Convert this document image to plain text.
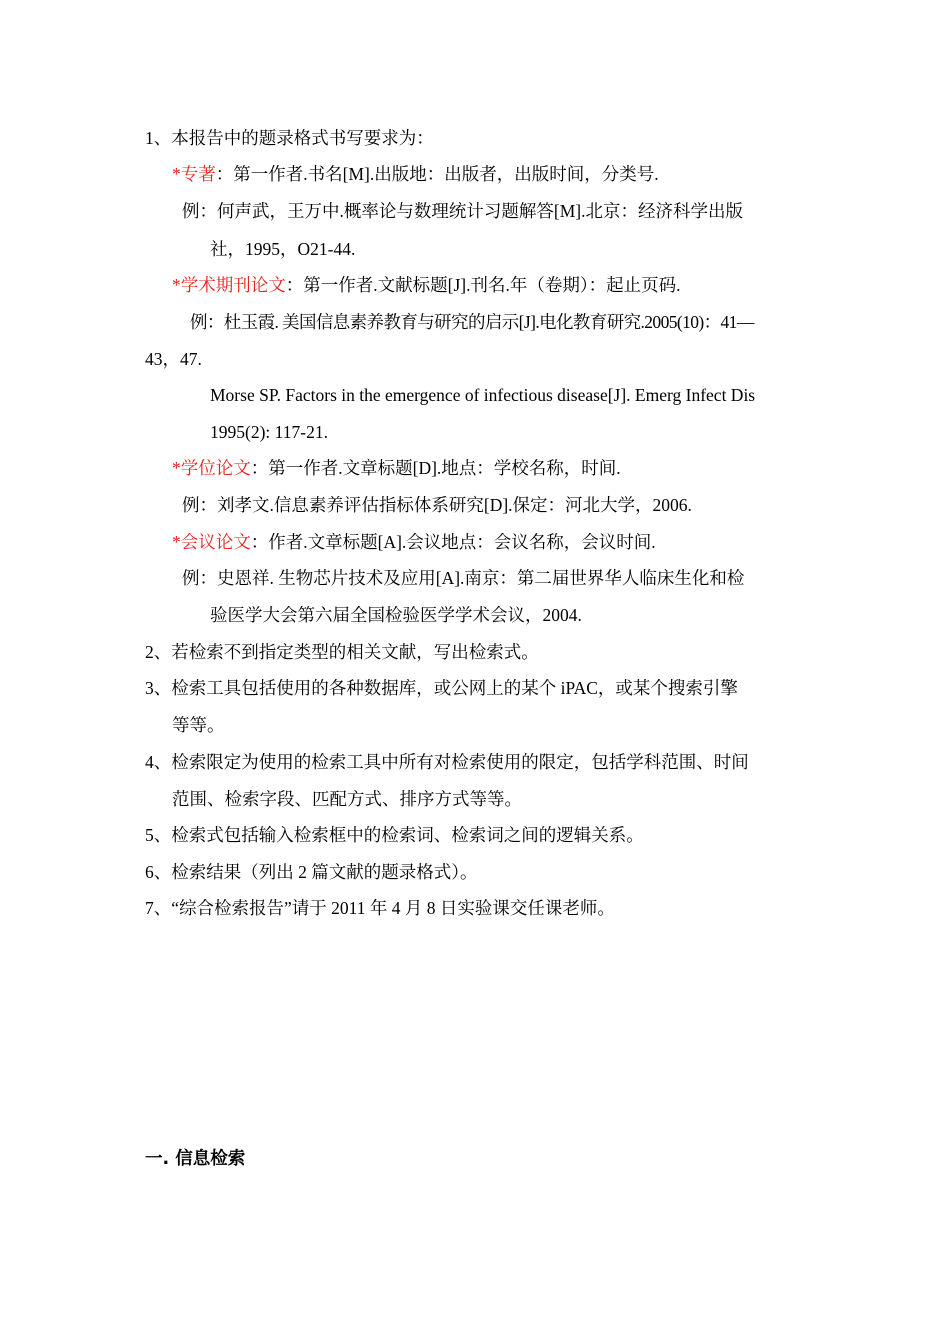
1、本报告中的题录格式书写要求为：
*专著：第一作者.书名[M].出版地：出版者，出版时间，分类号.
例：何声武，王万中.概率论与数理统计习题解答[M].北京：经济科学出版
社，1995，O21-44.
*学术期刊论文：第一作者.文献标题[J].刊名.年（卷期）：起止页码.
例：杜玉霞. 美国信息素养教育与研究的启示[J].电化教育研究.2005(10)：41—
43，47.
Morse SP. Factors in the emergence of infectious disease[J]. Emerg Infect Dis
1995(2): 117-21.
*学位论文：第一作者.文章标题[D].地点：学校名称，时间.
例：刘孝文.信息素养评估指标体系研究[D].保定：河北大学，2006.
*会议论文：作者.文章标题[A].会议地点：会议名称，会议时间.
例：史恩祥. 生物芯片技术及应用[A].南京：第二届世界华人临床生化和检
验医学大会第六届全国检验医学学术会议，2004.
2、若检索不到指定类型的相关文献，写出检索式。
3、检索工具包括使用的各种数据库，或公网上的某个 iPAC，或某个搜索引擎
等等。
4、检索限定为使用的检索工具中所有对检索使用的限定，包括学科范围、时间
范围、检索字段、匹配方式、排序方式等等。
5、检索式包括输入检索框中的检索词、检索词之间的逻辑关系。
6、检索结果（列出 2 篇文献的题录格式）。
7、“综合检索报告”请于 2011 年 4 月 8 日实验课交任课老师。
一. 信息检索
